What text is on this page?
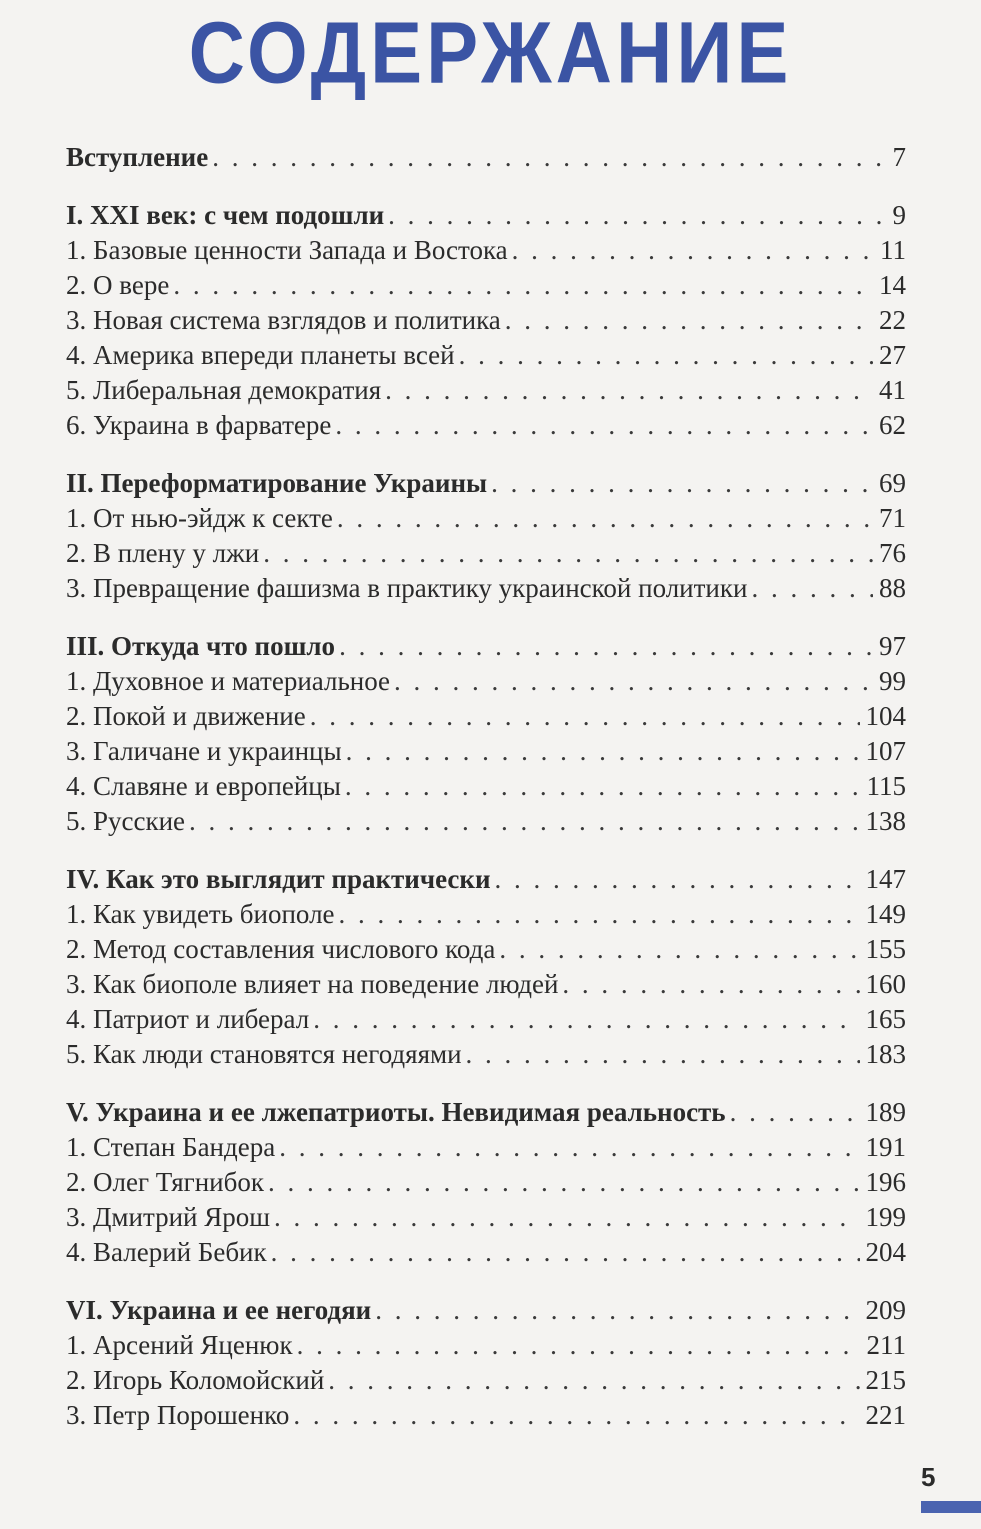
СОДЕРЖАНИЕ
Вступление . . .	7
I. XXI век: с чем подошли . . .	9
1. Базовые ценности Запада и Востока . . .	11
2. О вере . . .	14
3. Новая система взглядов и политика . . .	22
4. Америка впереди планеты всей . . .	27
5. Либеральная демократия . . .	41
6. Украина в фарватере . . .	62
II. Переформатирование Украины . . .	69
1. От нью-эйдж к секте . . .	71
2. В плену у лжи . . .	76
3. Превращение фашизма в практику украинской политики . . .	88
III. Откуда что пошло . . .	97
1. Духовное и материальное . . .	99
2. Покой и движение . . .	104
3. Галичане и украинцы . . .	107
4. Славяне и европейцы . . .	115
5. Русские . . .	138
IV. Как это выглядит практически . . .	147
1. Как увидеть биополе . . .	149
2. Метод составления числового кода . . .	155
3. Как биополе влияет на поведение людей . . .	160
4. Патриот и либерал . . .	165
5. Как люди становятся негодяями . . .	183
V. Украина и ее лжепатриоты. Невидимая реальность . . .	189
1. Степан Бандера . . .	191
2. Олег Тягнибок . . .	196
3. Дмитрий Ярош . . .	199
4. Валерий Бебик . . .	204
VI. Украина и ее негодяи . . .	209
1. Арсений Яценюк . . .	211
2. Игорь Коломойский . . .	215
3. Петр Порошенко . . .	221
5
